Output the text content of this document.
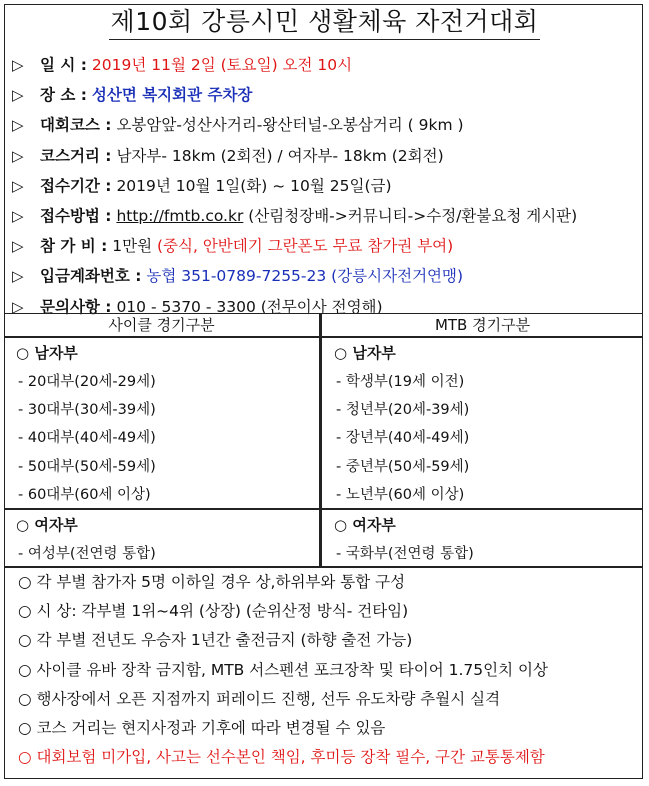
제10회 강릉시민 생활체육 자전거대회
▷ 일 시 : 2019년 11월 2일 (토요일) 오전 10시
▷ 장 소 : 성산면 복지회관 주차장
▷ 대회코스 : 오봉암앞-성산사거리-왕산터널-오봉삼거리 ( 9km )
▷ 코스거리 : 남자부- 18km (2회전) / 여자부- 18km (2회전)
▷ 접수기간 : 2019년 10월 1일(화) ~ 10월 25일(금)
▷ 접수방법 : http://fmtb.co.kr (산림청장배->커뮤니티->수정/환불요청 게시판)
▷ 참 가 비 : 1만원 (중식, 안반데기 그란폰도 무료 참가권 부여)
▷ 입금계좌번호 : 농협 351-0789-7255-23 (강릉시자전거연맹)
▷ 문의사항 : 010 - 5370 - 3300 (전무이사 전영해)
사이클 경기구분
○ 남자부
- 20대부(20세-29세)
- 30대부(30세-39세)
- 40대부(40세-49세)
- 50대부(50세-59세)
- 60대부(60세 이상)
○ 여자부
- 여성부(전연령 통합)
MTB 경기구분
○ 남자부
- 학생부(19세 이전)
- 청년부(20세-39세)
- 장년부(40세-49세)
- 중년부(50세-59세)
- 노년부(60세 이상)
○ 여자부
- 국화부(전연령 통합)
○ 각 부별 참가자 5명 이하일 경우 상,하위부와 통합 구성
○ 시 상: 각부별 1위~4위 (상장) (순위산정 방식- 건타임)
○ 각 부별 전년도 우승자 1년간 출전금지 (하향 출전 가능)
○ 사이클 유바 장착 금지함, MTB 서스펜션 포크장착 및 타이어 1.75인치 이상
○ 행사장에서 오픈 지점까지 퍼레이드 진행, 선두 유도차량 추월시 실격
○ 코스 거리는 현지사정과 기후에 따라 변경될 수 있음
○ 대회보험 미가입, 사고는 선수본인 책임, 후미등 장착 필수, 구간 교통통제함
